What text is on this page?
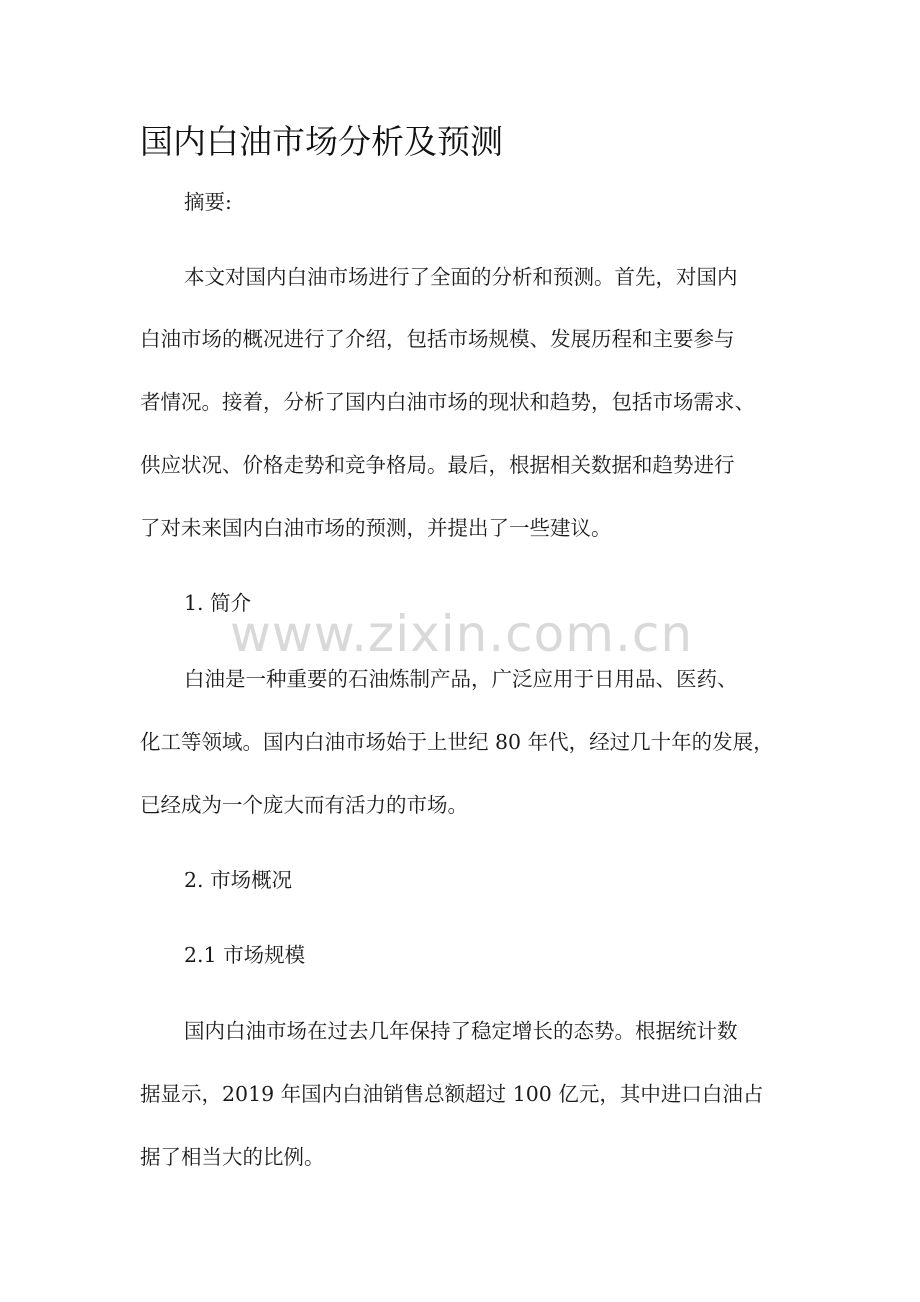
国内白油市场分析及预测

摘要:

本文对国内白油市场进行了全面的分析和预测。首先，对国内

白油市场的概况进行了介绍，包括市场规模、发展历程和主要参与

者情况。接着，分析了国内白油市场的现状和趋势，包括市场需求、

供应状况、价格走势和竞争格局。最后，根据相关数据和趋势进行

了对未来国内白油市场的预测，并提出了一些建议。

1. 简介

白油是一种重要的石油炼制产品，广泛应用于日用品、医药、

化工等领域。国内白油市场始于上世纪 80 年代，经过几十年的发展，

已经成为一个庞大而有活力的市场。

2. 市场概况

2.1 市场规模

国内白油市场在过去几年保持了稳定增长的态势。根据统计数

据显示，2019 年国内白油销售总额超过 100 亿元，其中进口白油占

据了相当大的比例。

www.zixin.com.cn
